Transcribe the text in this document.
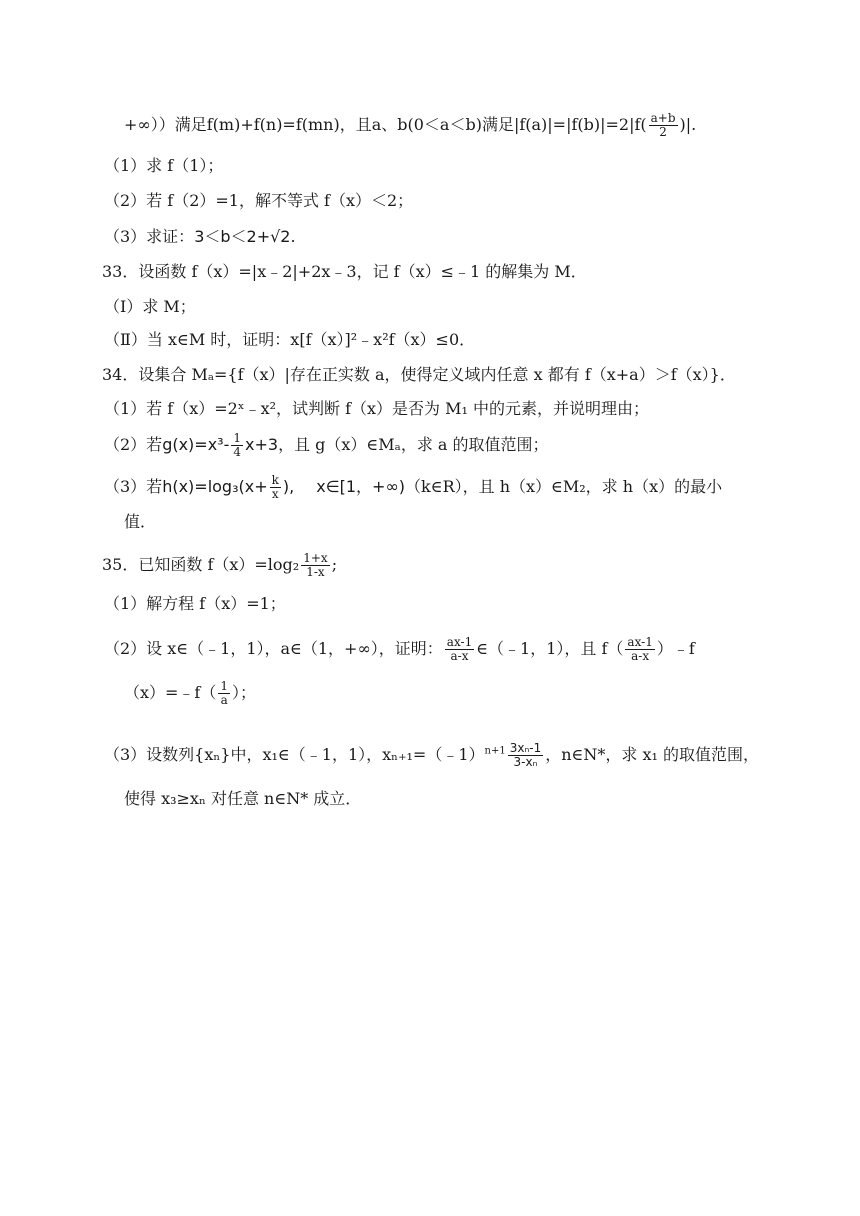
+∞））满足f(m)+f(n)=f(mn)，且a、b(0＜a＜b)满足$|f(a)|=|f(b)|=2|f( \frac{a+b}{2}$ )|.
（1）求 f（1）；
（2）若 f（2）=1，解不等式 f（x）＜2；
（3）求证：3＜b＜2+√2.
33．设函数 f（x）=|x﹣2|+2x﹣3，记 f（x）≤﹣1 的解集为 M．
（Ⅰ）求 M；
（Ⅱ）当 x∈M 时，证明：x[f（x）]²﹣x²f（x）≤0．
34．设集合 Mₐ={f（x）|存在正实数 a，使得定义域内任意 x 都有 f（x+a）＞f（x）}．
（1）若 f（x）=2ˣ﹣x²，试判断 f（x）是否为 M₁ 中的元素，并说明理由；
（2）若$g(x)=x^3- \frac{1}{4} x+3$，且 g（x）∈Mₐ，求 a 的取值范围；
（3）若$h(x)=\log_3(x+ \frac{k}{x}$ ), x∈[1，+∞)（k∈R），且 h（x）∈M₂，求 h（x）的最小
值．
35．已知函数 $f(x)=\log_2 \frac{1+x}{1-x}$ ;
（1）解方程 f（x）=1；
（2）设 x∈（﹣1，1），a∈（1，+∞），证明： $\frac{ax-1}{a-x}$ ∈（﹣1，1），且 $f( \frac{ax-1}{a-x}$ ）﹣f
（x）=﹣f（ $\frac{1}{a}$ ）；
（3）设数列{xₙ}中，x₁∈（﹣1，1），xₙ₊₁=（﹣1）$^{n+1}$ $\frac{\text{3xₙ-1}}{\text{3-xₙ}}$ ，n∈N*，求 x₁ 的取值范围，
使得 x₃≥xₙ 对任意 n∈N* 成立．
